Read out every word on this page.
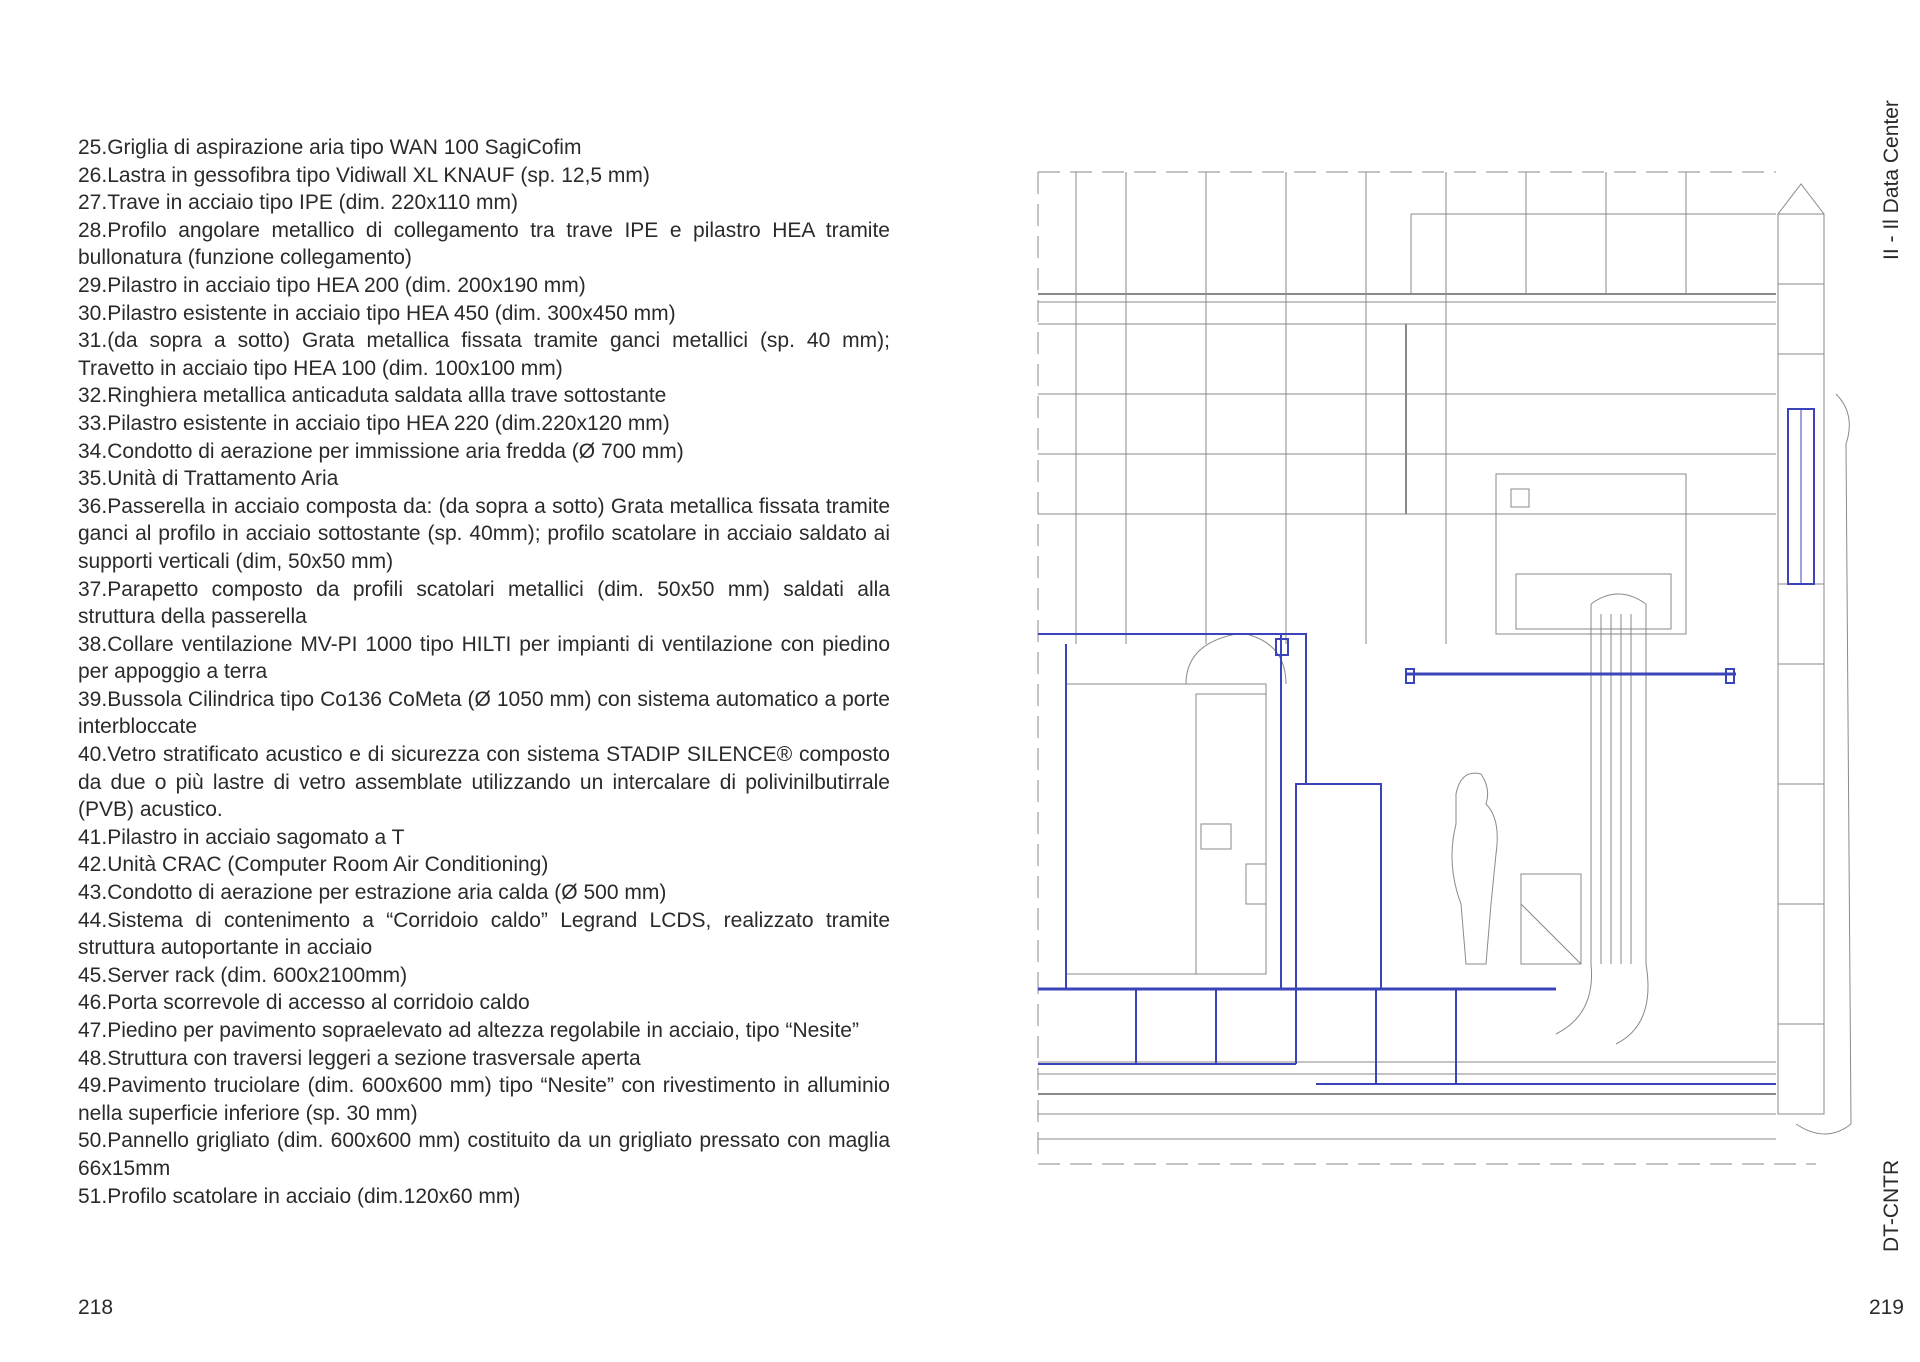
25.Griglia di aspirazione aria tipo WAN 100 SagiCofim

26.Lastra in gessofibra tipo Vidiwall XL KNAUF (sp. 12,5 mm)

27.Trave in acciaio tipo IPE (dim. 220x110 mm)

28.Profilo angolare metallico di collegamento tra trave IPE e pilastro HEA tramite bullonatura (funzione collegamento)

29.Pilastro in acciaio tipo HEA 200 (dim. 200x190 mm)

30.Pilastro esistente in acciaio tipo HEA 450 (dim. 300x450 mm)

31.(da sopra a sotto) Grata metallica fissata tramite ganci metallici (sp. 40 mm); Travetto in acciaio tipo HEA 100 (dim. 100x100 mm)

32.Ringhiera metallica anticaduta saldata allla trave sottostante

33.Pilastro esistente in acciaio tipo HEA 220 (dim.220x120 mm)

34.Condotto di aerazione per immissione aria fredda (Ø 700 mm)

35.Unità di Trattamento Aria

36.Passerella in acciaio composta da: (da sopra a sotto) Grata metallica fissata tramite ganci al profilo in acciaio sottostante (sp. 40mm); profilo scatolare in acciaio saldato ai supporti verticali (dim, 50x50 mm)

37.Parapetto composto da profili scatolari metallici (dim. 50x50 mm) saldati alla struttura della passerella

38.Collare ventilazione MV-PI 1000 tipo HILTI per impianti di ventilazione con piedino per appoggio a terra

39.Bussola Cilindrica tipo Co136 CoMeta (Ø 1050 mm) con sistema automatico a porte interbloccate

40.Vetro stratificato acustico e di sicurezza con sistema STADIP SILENCE® composto da due o più lastre di vetro assemblate utilizzando un intercalare di polivinilbutirrale (PVB) acustico.

41.Pilastro in acciaio sagomato a T

42.Unità CRAC (Computer Room Air Conditioning)

43.Condotto di aerazione per estrazione aria calda (Ø 500 mm)

44.Sistema di contenimento a “Corridoio caldo” Legrand LCDS, realizzato tramite struttura autoportante in acciaio

45.Server rack (dim. 600x2100mm)

46.Porta scorrevole di accesso al corridoio caldo

47.Piedino per pavimento sopraelevato ad altezza regolabile in acciaio, tipo “Nesite”

48.Struttura con traversi leggeri a sezione trasversale aperta

49.Pavimento truciolare (dim. 600x600 mm) tipo “Nesite” con rivestimento in alluminio nella superficie inferiore (sp. 30 mm)

50.Pannello grigliato (dim. 600x600 mm) costituito da un grigliato pressato con maglia 66x15mm

51.Profilo scatolare in acciaio (dim.120x60 mm)

218	219
II - Il Data Center
DT-CNTR
